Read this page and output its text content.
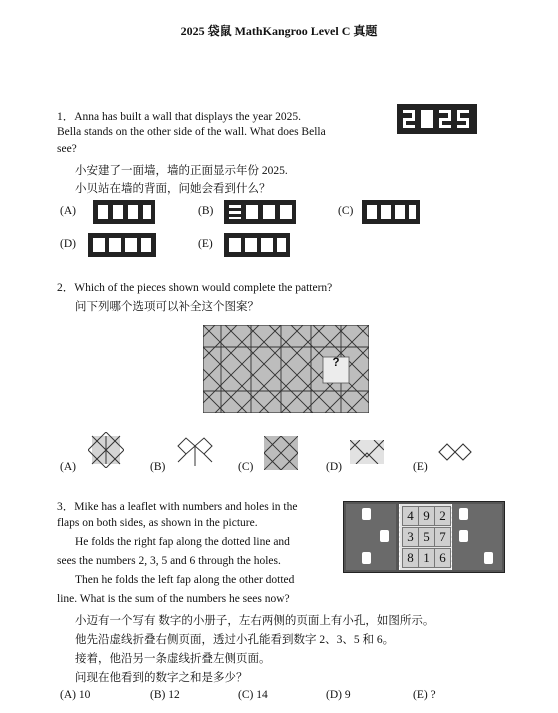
2025 袋鼠 MathKangroo Level C 真题
1．Anna has built a wall that displays the year 2025.
Bella stands on the other side of the wall. What does Bella
see?
小安建了一面墙，墙的正面显示年份 2025.
小贝站在墙的背面，问她会看到什么？
(A)	(B)	(C)
(D)	(E)
2．Which of the pieces shown would complete the pattern?
问下列哪个选项可以补全这个图案？
?
(A)	(B)	(C)	(D)	(E)
3．Mike has a leaflet with numbers and holes in the
flaps on both sides, as shown in the picture.
He folds the right fap along the dotted line and
sees the numbers 2, 3, 5 and 6 through the holes.
Then he folds the left fap along the other dotted
line. What is the sum of the numbers he sees now?
小迈有一个写有 数字的小册子，左右两侧的页面上有小孔，如图所示。
他先沿虚线折叠右侧页面，透过小孔能看到数字 2、3、5 和 6。
接着，他沿另一条虚线折叠左侧页面。
问现在他看到的数字之和是多少？
4 9 2
3 5 7
8 1 6
(A) 10	(B) 12	(C) 14	(D) 9	(E) ?
